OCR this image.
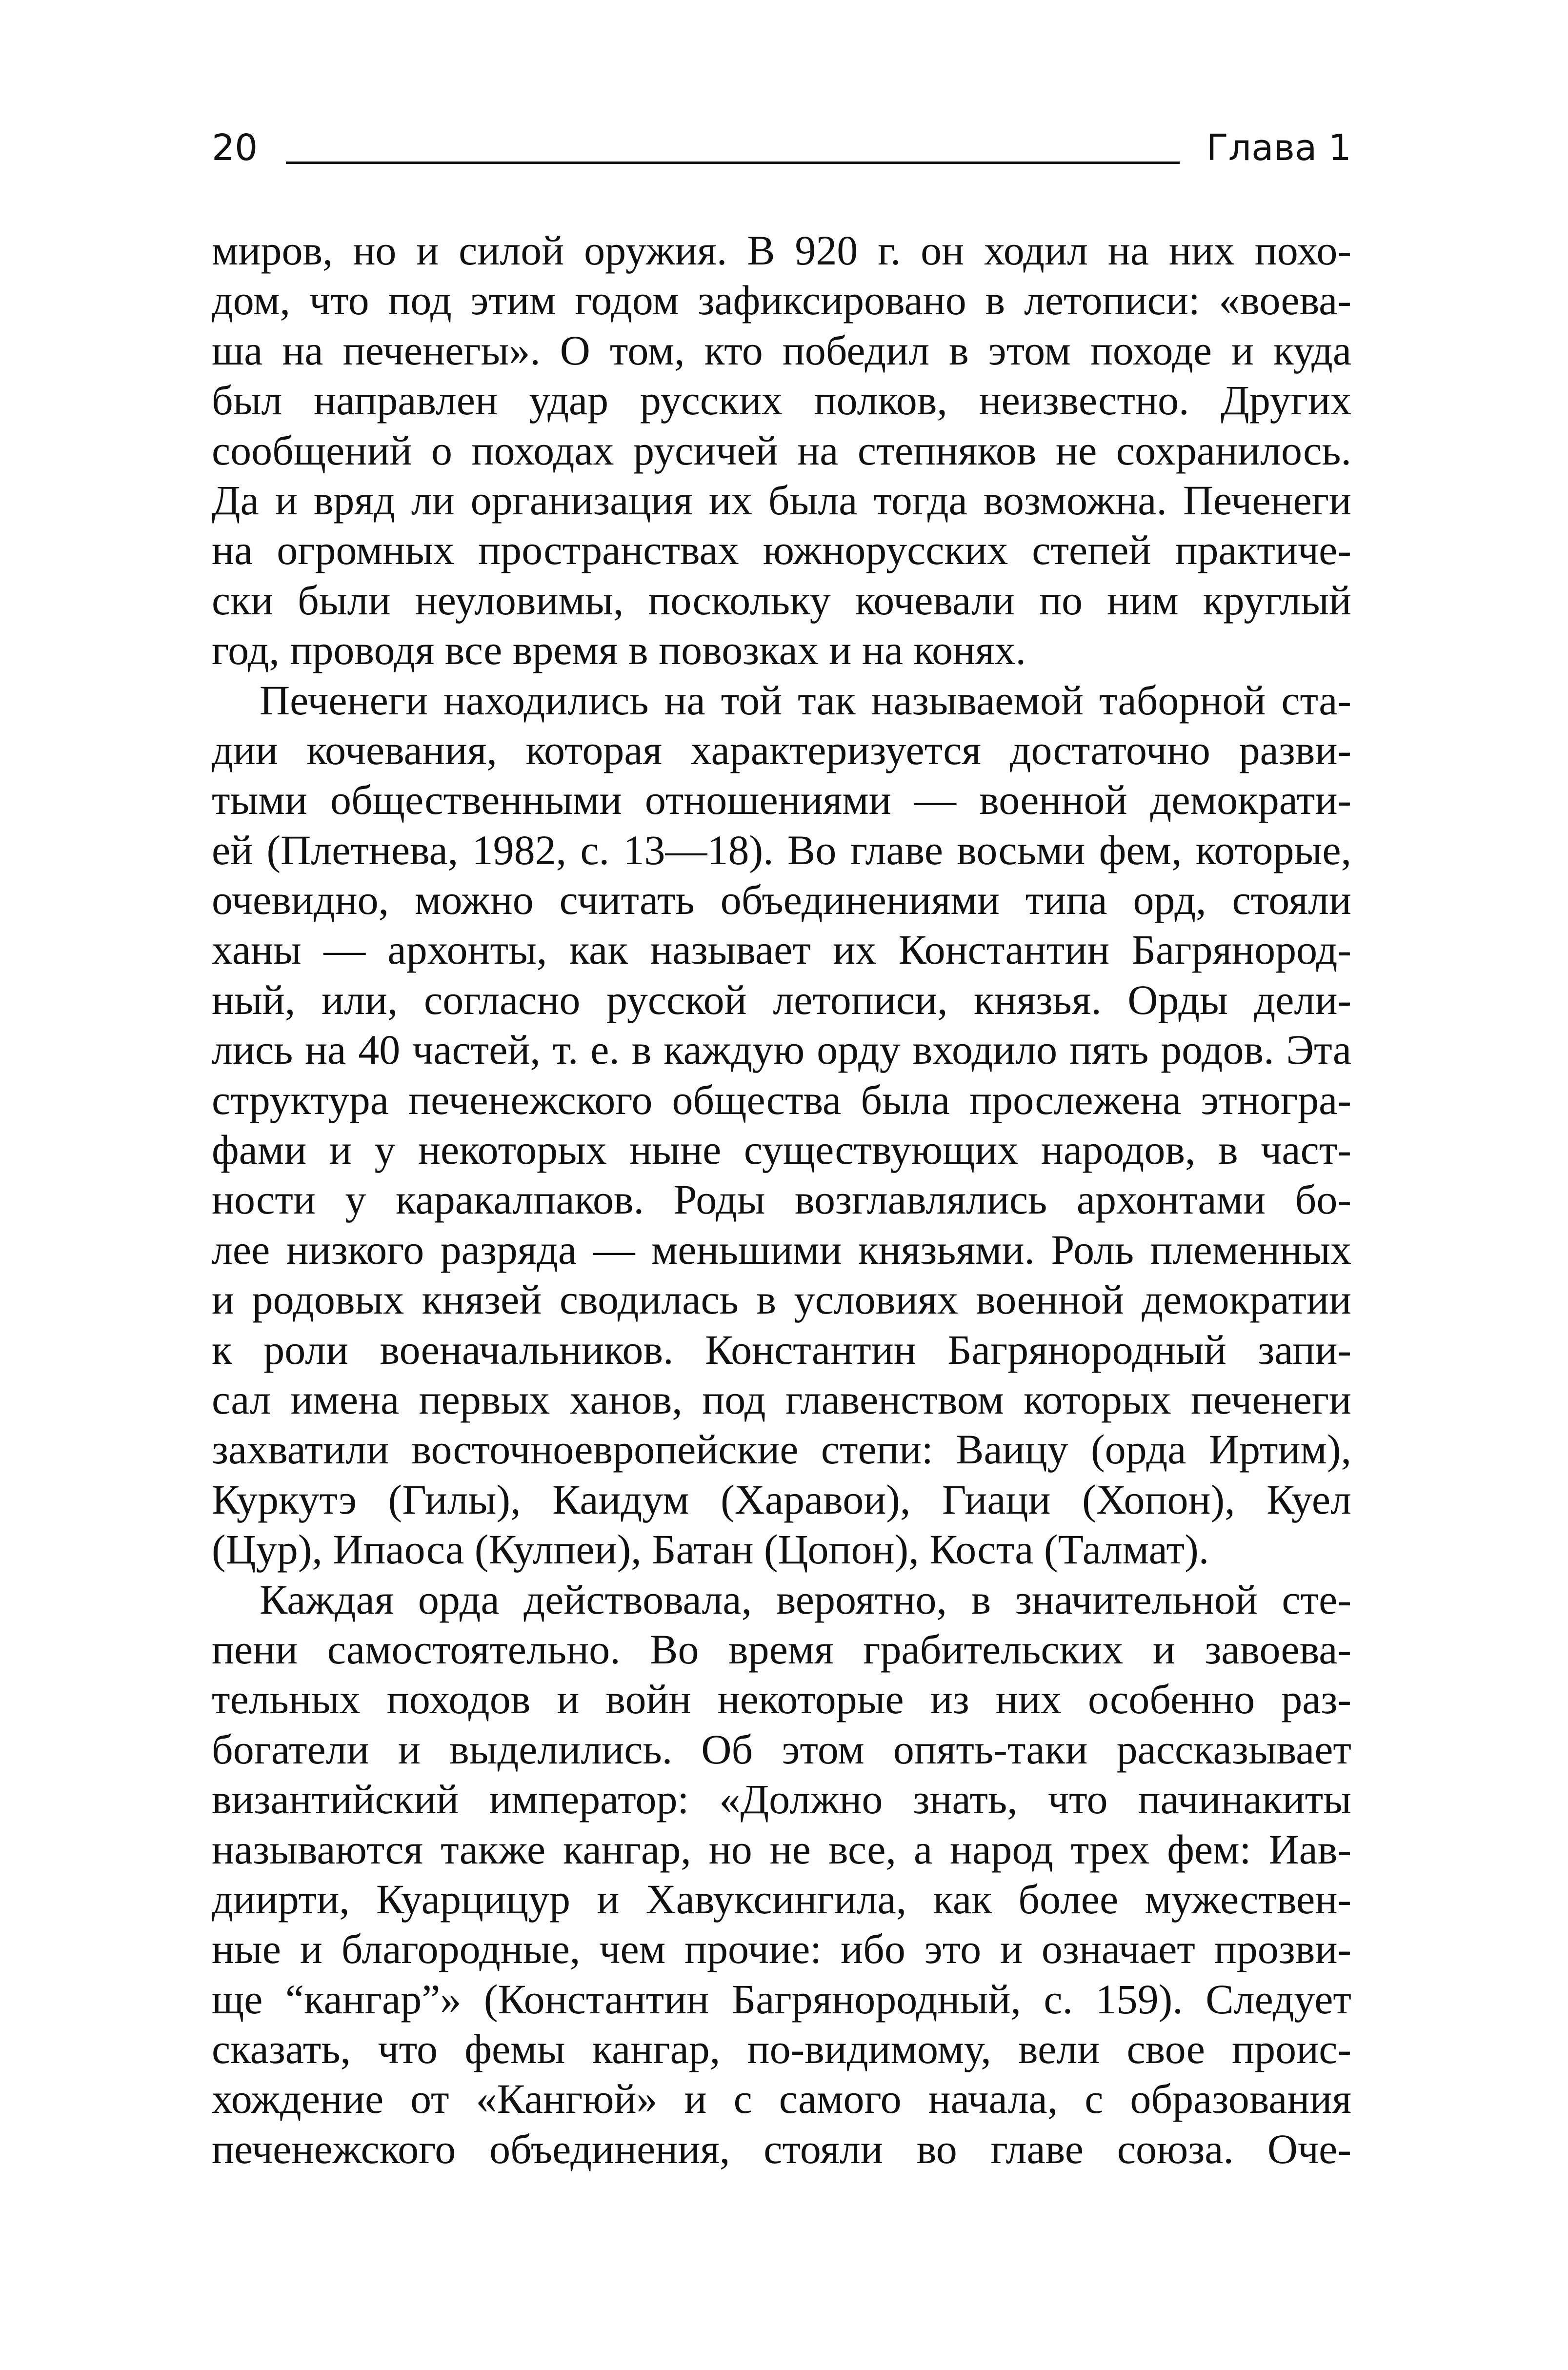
20	Глава 1
миров, но и силой оружия. В 920 г. он ходил на них похо-
дом, что под этим годом зафиксировано в летописи: «воева-
ша на печенегы». О том, кто победил в этом походе и куда
был направлен удар русских полков, неизвестно. Других
сообщений о походах русичей на степняков не сохранилось.
Да и вряд ли организация их была тогда возможна. Печенеги
на огромных пространствах южнорусских степей практиче-
ски были неуловимы, поскольку кочевали по ним круглый
год, проводя все время в повозках и на конях.
Печенеги находились на той так называемой таборной ста-
дии кочевания, которая характеризуется достаточно разви-
тыми общественными отношениями — военной демократи-
ей (Плетнева, 1982, с. 13—18). Во главе восьми фем, которые,
очевидно, можно считать объединениями типа орд, стояли
ханы — архонты, как называет их Константин Багрянород-
ный, или, согласно русской летописи, князья. Орды дели-
лись на 40 частей, т. е. в каждую орду входило пять родов. Эта
структура печенежского общества была прослежена этногра-
фами и у некоторых ныне существующих народов, в част-
ности у каракалпаков. Роды возглавлялись архонтами бо-
лее низкого разряда — меньшими князьями. Роль племенных
и родовых князей сводилась в условиях военной демократии
к роли военачальников. Константин Багрянородный запи-
сал имена первых ханов, под главенством которых печенеги
захватили восточноевропейские степи: Ваицу (орда Иртим),
Куркутэ (Гилы), Каидум (Харавои), Гиаци (Хопон), Куел
(Цур), Ипаоса (Кулпеи), Батан (Цопон), Коста (Талмат).
Каждая орда действовала, вероятно, в значительной сте-
пени самостоятельно. Во время грабительских и завоева-
тельных походов и войн некоторые из них особенно раз-
богатели и выделились. Об этом опять-таки рассказывает
византийский император: «Должно знать, что пачинакиты
называются также кангар, но не все, а народ трех фем: Иав-
диирти, Куарцицур и Хавуксингила, как более мужествен-
ные и благородные, чем прочие: ибо это и означает прозви-
ще “кангар”» (Константин Багрянородный, с. 159). Следует
сказать, что фемы кангар, по-видимому, вели свое проис-
хождение от «Кангюй» и с самого начала, с образования
печенежского объединения, стояли во главе союза. Оче-
